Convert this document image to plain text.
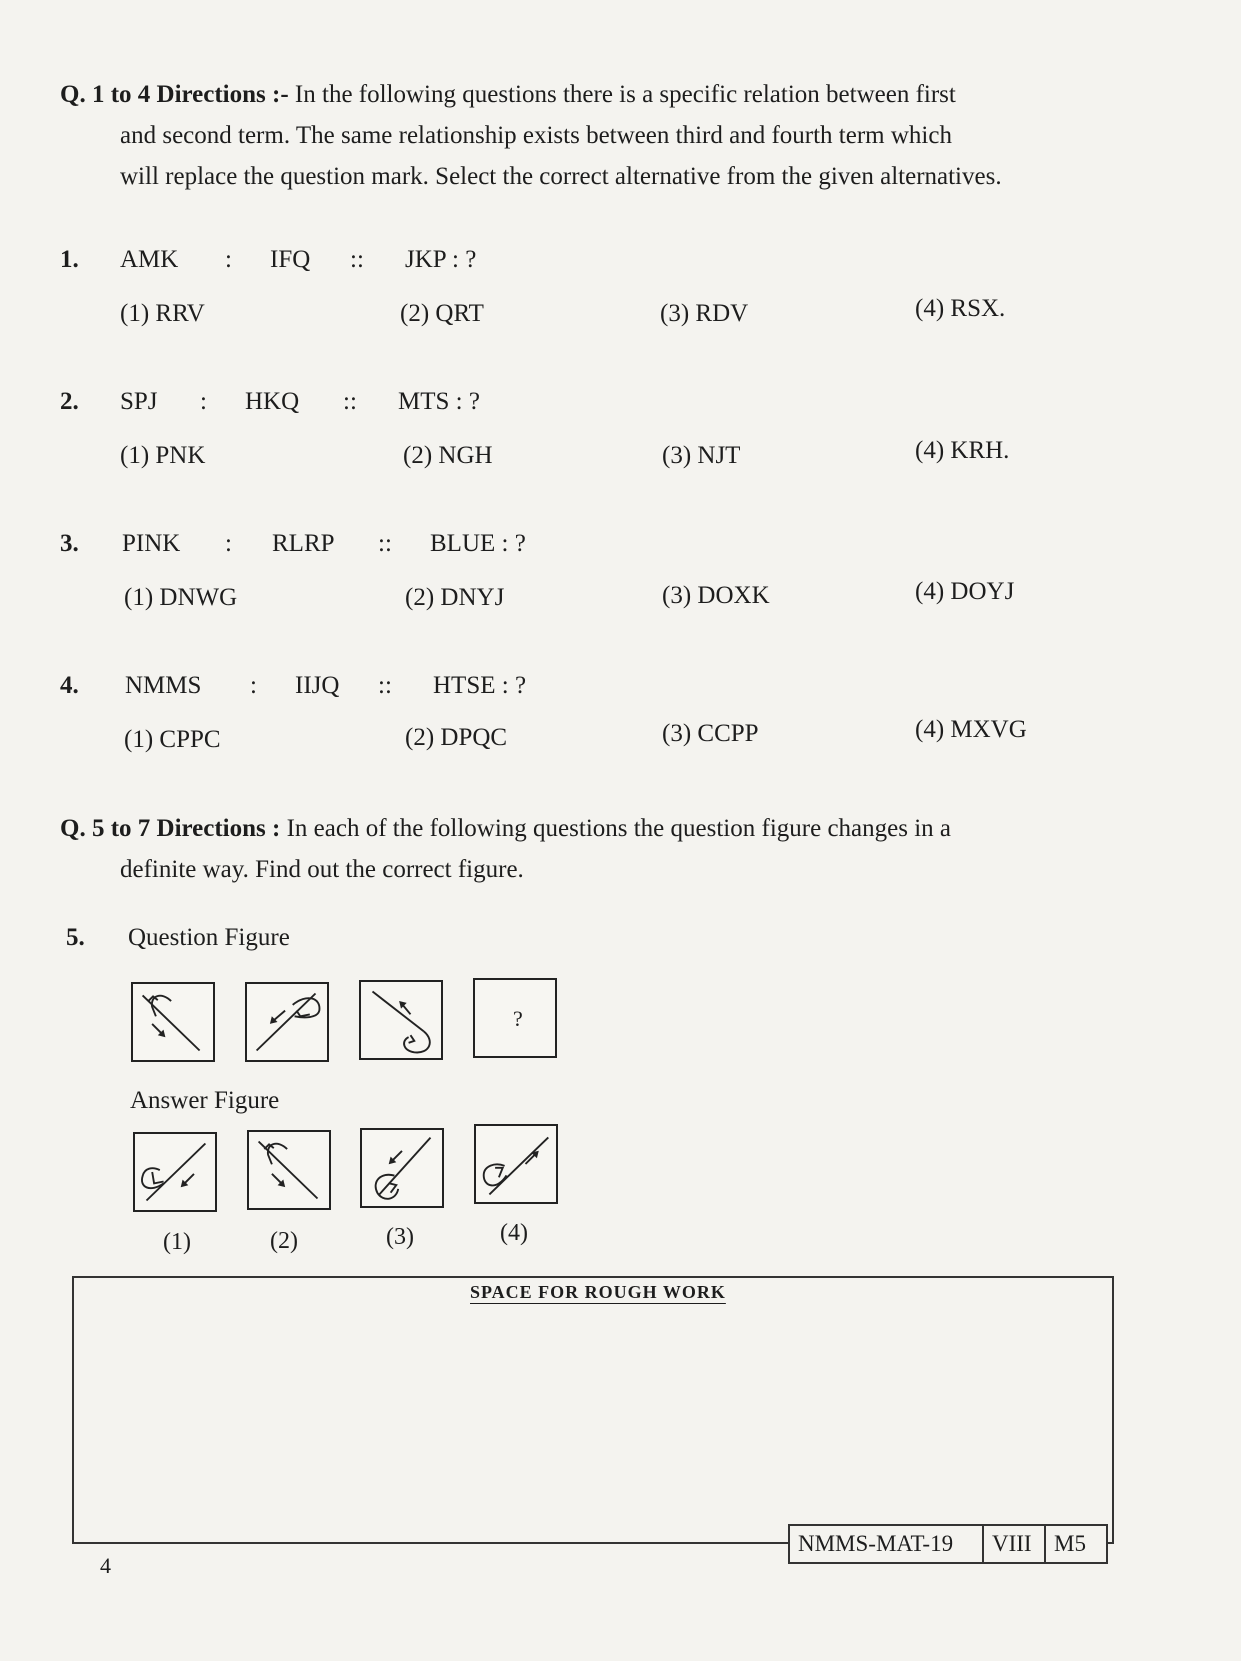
Q. 1 to 4 Directions :- In the following questions there is a specific relation between first
and second term. The same relationship exists between third and fourth term which
will replace the question mark. Select the correct alternative from the given alternatives.
1. AMK : IFQ :: JKP : ?
(1) RRV	(2) QRT	(3) RDV	(4) RSX.
2. SPJ : HKQ :: MTS : ?
(1) PNK	(2) NGH	(3) NJT	(4) KRH.
3. PINK : RLRP :: BLUE : ?
(1) DNWG	(2) DNYJ	(3) DOXK	(4) DOYJ
4. NMMS : IIJQ :: HTSE : ?
(1) CPPC	(2) DPQC	(3) CCPP	(4) MXVG
Q. 5 to 7 Directions : In each of the following questions the question figure changes in a
definite way. Find out the correct figure.
5. Question Figure
?
Answer Figure
(1)	(2)	(3)	(4)
SPACE FOR ROUGH WORK
NMMS-MAT-19	VIII M5
4
